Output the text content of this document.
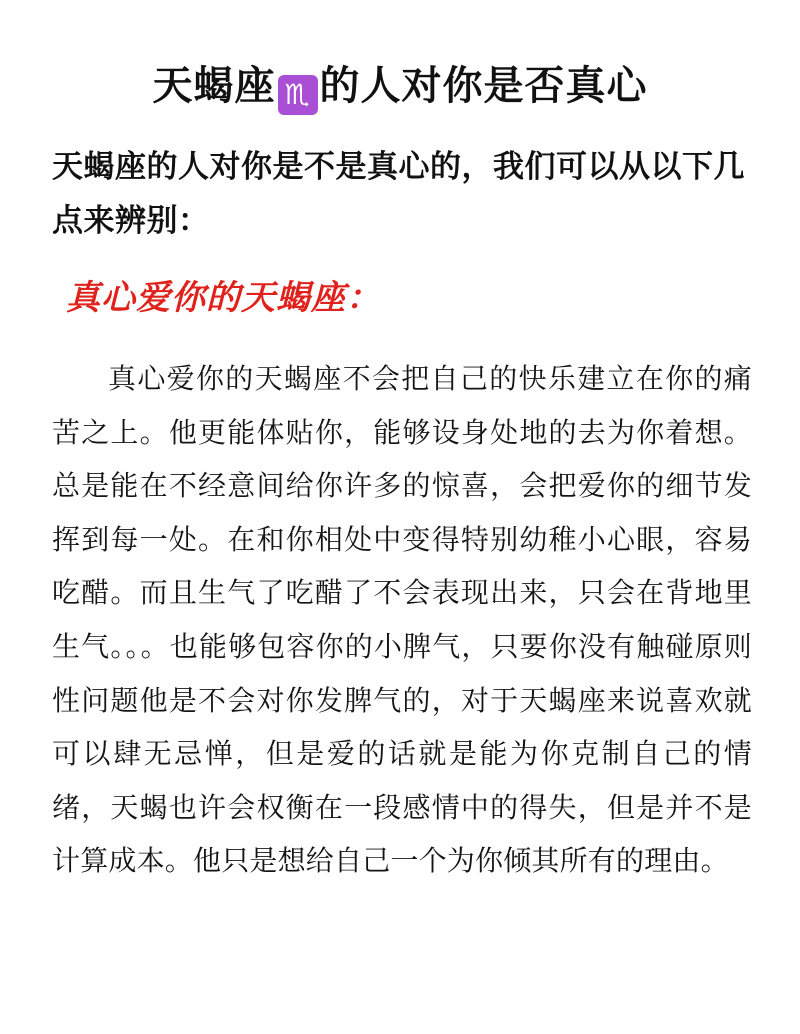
天蝎座 ♏ 的人对你是否真心
天蝎座的人对你是不是真心的，我们可以从以下几点来辨别：
真心爱你的天蝎座：
真心爱你的天蝎座不会把自己的快乐建立在你的痛苦之上。他更能体贴你，能够设身处地的去为你着想。总是能在不经意间给你许多的惊喜，会把爱你的细节发挥到每一处。在和你相处中变得特别幼稚小心眼，容易吃醋。而且生气了吃醋了不会表现出来，只会在背地里生气。。。也能够包容你的小脾气，只要你没有触碰原则性问题他是不会对你发脾气的，对于天蝎座来说喜欢就可以肆无忌惮，但是爱的话就是能为你克制自己的情绪，天蝎也许会权衡在一段感情中的得失，但是并不是计算成本。他只是想给自己一个为你倾其所有的理由。
